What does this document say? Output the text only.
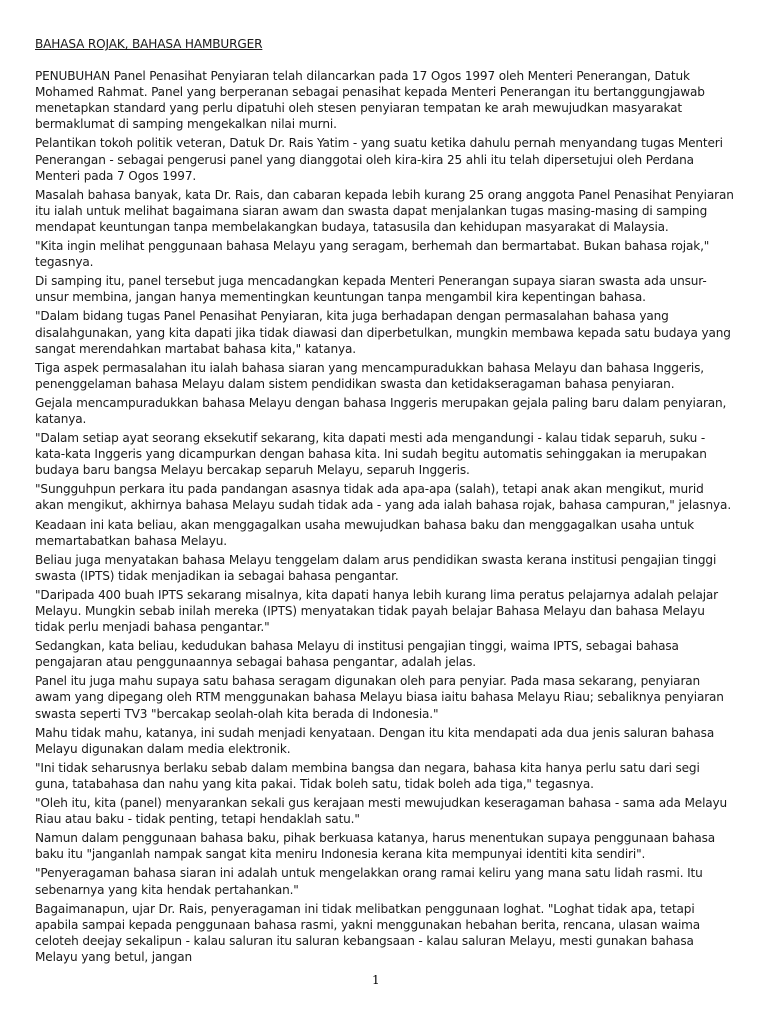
BAHASA ROJAK, BAHASA HAMBURGER

PENUBUHAN Panel Penasihat Penyiaran telah dilancarkan pada 17 Ogos 1997 oleh Menteri Penerangan, Datuk Mohamed Rahmat. Panel yang berperanan sebagai penasihat kepada Menteri Penerangan itu bertanggungjawab menetapkan standard yang perlu dipatuhi oleh stesen penyiaran tempatan ke arah mewujudkan masyarakat bermaklumat di samping mengekalkan nilai murni.

Pelantikan tokoh politik veteran, Datuk Dr. Rais Yatim - yang suatu ketika dahulu pernah menyandang tugas Menteri Penerangan - sebagai pengerusi panel yang dianggotai oleh kira-kira 25 ahli itu telah dipersetujui oleh Perdana Menteri pada 7 Ogos 1997.

Masalah bahasa banyak, kata Dr. Rais, dan cabaran kepada lebih kurang 25 orang anggota Panel Penasihat Penyiaran itu ialah untuk melihat bagaimana siaran awam dan swasta dapat menjalankan tugas masing-masing di samping mendapat keuntungan tanpa membelakangkan budaya, tatasusila dan kehidupan masyarakat di Malaysia.

"Kita ingin melihat penggunaan bahasa Melayu yang seragam, berhemah dan bermartabat. Bukan bahasa rojak," tegasnya.

Di samping itu, panel tersebut juga mencadangkan kepada Menteri Penerangan supaya siaran swasta ada unsur-unsur membina, jangan hanya mementingkan keuntungan tanpa mengambil kira kepentingan bahasa.

"Dalam bidang tugas Panel Penasihat Penyiaran, kita juga berhadapan dengan permasalahan bahasa yang disalahgunakan, yang kita dapati jika tidak diawasi dan diperbetulkan, mungkin membawa kepada satu budaya yang sangat merendahkan martabat bahasa kita," katanya.

Tiga aspek permasalahan itu ialah bahasa siaran yang mencampuradukkan bahasa Melayu dan bahasa Inggeris, penenggelaman bahasa Melayu dalam sistem pendidikan swasta dan ketidakseragaman bahasa penyiaran.

Gejala mencampuradukkan bahasa Melayu dengan bahasa Inggeris merupakan gejala paling baru dalam penyiaran, katanya.

"Dalam setiap ayat seorang eksekutif sekarang, kita dapati mesti ada mengandungi - kalau tidak separuh, suku - kata-kata Inggeris yang dicampurkan dengan bahasa kita. Ini sudah begitu automatis sehinggakan ia merupakan budaya baru bangsa Melayu bercakap separuh Melayu, separuh Inggeris.

"Sungguhpun perkara itu pada pandangan asasnya tidak ada apa-apa (salah), tetapi anak akan mengikut, murid akan mengikut, akhirnya bahasa Melayu sudah tidak ada - yang ada ialah bahasa rojak, bahasa campuran," jelasnya.

Keadaan ini kata beliau, akan menggagalkan usaha mewujudkan bahasa baku dan menggagalkan usaha untuk memartabatkan bahasa Melayu.

Beliau juga menyatakan bahasa Melayu tenggelam dalam arus pendidikan swasta kerana institusi pengajian tinggi swasta (IPTS) tidak menjadikan ia sebagai bahasa pengantar.

"Daripada 400 buah IPTS sekarang misalnya, kita dapati hanya lebih kurang lima peratus pelajarnya adalah pelajar Melayu. Mungkin sebab inilah mereka (IPTS) menyatakan tidak payah belajar Bahasa Melayu dan bahasa Melayu tidak perlu menjadi bahasa pengantar."

Sedangkan, kata beliau, kedudukan bahasa Melayu di institusi pengajian tinggi, waima IPTS, sebagai bahasa pengajaran atau penggunaannya sebagai bahasa pengantar, adalah jelas.

Panel itu juga mahu supaya satu bahasa seragam digunakan oleh para penyiar. Pada masa sekarang, penyiaran awam yang dipegang oleh RTM menggunakan bahasa Melayu biasa iaitu bahasa Melayu Riau; sebaliknya penyiaran swasta seperti TV3 "bercakap seolah-olah kita berada di Indonesia."

Mahu tidak mahu, katanya, ini sudah menjadi kenyataan. Dengan itu kita mendapati ada dua jenis saluran bahasa Melayu digunakan dalam media elektronik.

"Ini tidak seharusnya berlaku sebab dalam membina bangsa dan negara, bahasa kita hanya perlu satu dari segi guna, tatabahasa dan nahu yang kita pakai. Tidak boleh satu, tidak boleh ada tiga," tegasnya.

"Oleh itu, kita (panel) menyarankan sekali gus kerajaan mesti mewujudkan keseragaman bahasa - sama ada Melayu Riau atau baku - tidak penting, tetapi hendaklah satu."

Namun dalam penggunaan bahasa baku, pihak berkuasa katanya, harus menentukan supaya penggunaan bahasa baku itu "janganlah nampak sangat kita meniru Indonesia kerana kita mempunyai identiti kita sendiri".

"Penyeragaman bahasa siaran ini adalah untuk mengelakkan orang ramai keliru yang mana satu lidah rasmi. Itu sebenarnya yang kita hendak pertahankan."

Bagaimanapun, ujar Dr. Rais, penyeragaman ini tidak melibatkan penggunaan loghat. "Loghat tidak apa, tetapi apabila sampai kepada penggunaan bahasa rasmi, yakni menggunakan hebahan berita, rencana, ulasan waima celoteh deejay sekalipun - kalau saluran itu saluran kebangsaan - kalau saluran Melayu, mesti gunakan bahasa Melayu yang betul, jangan

1
